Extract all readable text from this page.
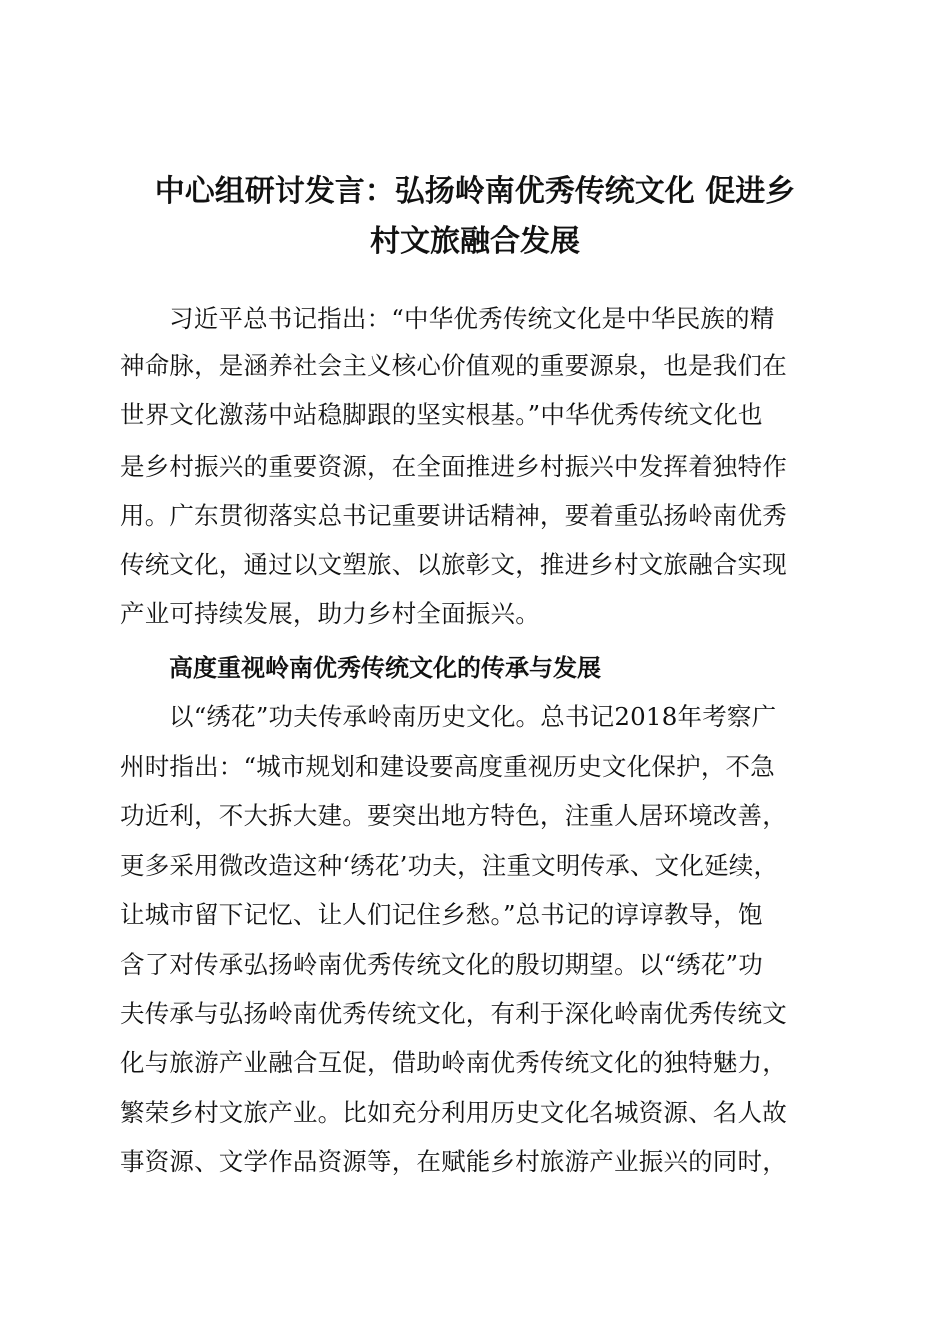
中心组研讨发言：弘扬岭南优秀传统文化 促进乡
村文旅融合发展
习近平总书记指出：“中华优秀传统文化是中华民族的精
神命脉，是涵养社会主义核心价值观的重要源泉，也是我们在
世界文化激荡中站稳脚跟的坚实根基。”中华优秀传统文化也
是乡村振兴的重要资源，在全面推进乡村振兴中发挥着独特作
用。广东贯彻落实总书记重要讲话精神，要着重弘扬岭南优秀
传统文化，通过以文塑旅、以旅彰文，推进乡村文旅融合实现
产业可持续发展，助力乡村全面振兴。
高度重视岭南优秀传统文化的传承与发展
以“绣花”功夫传承岭南历史文化。总书记2018年考察广
州时指出：“城市规划和建设要高度重视历史文化保护，不急
功近利，不大拆大建。要突出地方特色，注重人居环境改善，
更多采用微改造这种‘绣花’功夫，注重文明传承、文化延续，
让城市留下记忆、让人们记住乡愁。”总书记的谆谆教导，饱
含了对传承弘扬岭南优秀传统文化的殷切期望。以“绣花”功
夫传承与弘扬岭南优秀传统文化，有利于深化岭南优秀传统文
化与旅游产业融合互促，借助岭南优秀传统文化的独特魅力，
繁荣乡村文旅产业。比如充分利用历史文化名城资源、名人故
事资源、文学作品资源等，在赋能乡村旅游产业振兴的同时，
